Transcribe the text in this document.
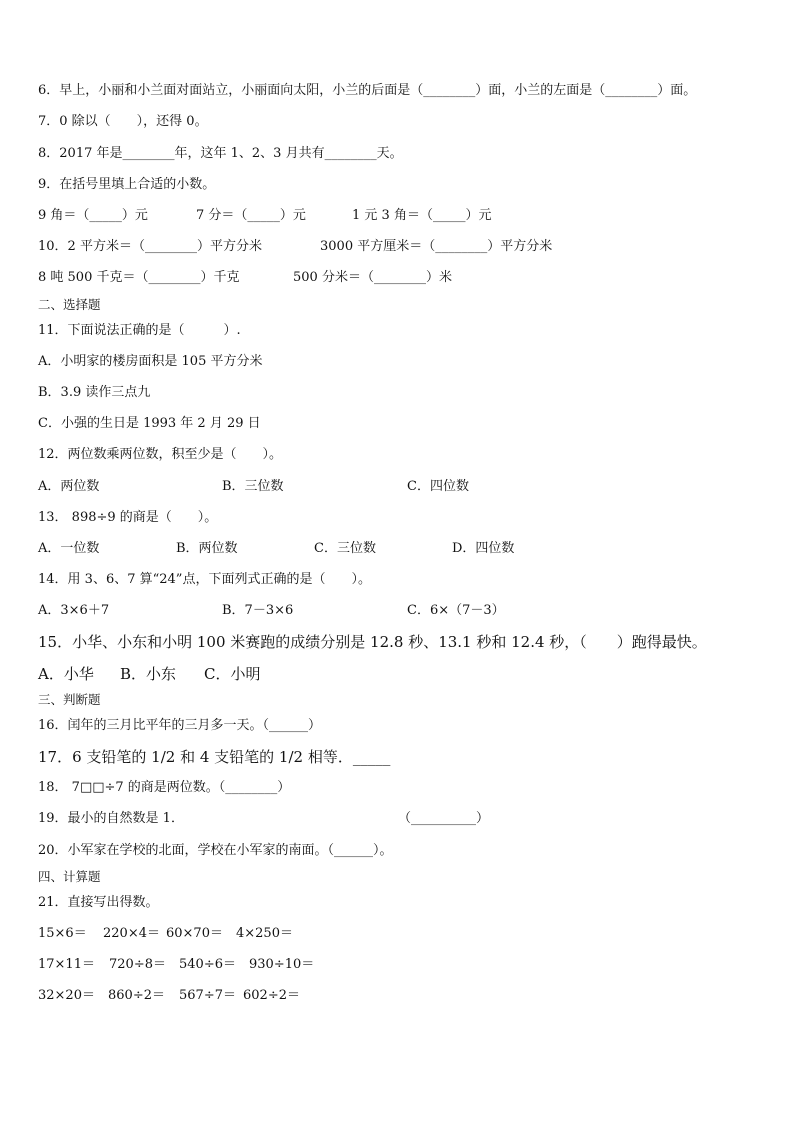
6．早上，小丽和小兰面对面站立，小丽面向太阳，小兰的后面是（________）面，小兰的左面是（________）面。
7．0 除以（　　），还得 0。
8．2017 年是________年，这年 1、2、3 月共有________天。
9．在括号里填上合适的小数。
9 角＝（_____）元	7 分＝（_____）元	1 元 3 角＝（_____）元
10．2 平方米＝（________）平方分米	3000 平方厘米＝（________）平方分米
8 吨 500 千克＝（________）千克	500 分米＝（________）米
二、选择题
11．下面说法正确的是（　　　）.
A．小明家的楼房面积是 105 平方分米
B．3.9 读作三点九
C．小强的生日是 1993 年 2 月 29 日
12．两位数乘两位数，积至少是（　　）。
A．两位数	B．三位数	C．四位数
13． 898÷9 的商是（　　）。
A．一位数	B．两位数	C．三位数	D．四位数
14．用 3、6、7 算“24”点，下面列式正确的是（　　）。
A．3×6＋7	B．7－3×6	C．6×（7－3）
15．小华、小东和小明 100 米赛跑的成绩分别是 12.8 秒、13.1 秒和 12.4 秒，（　　）跑得最快。
A．小华 B．小东 C．小明
三、判断题
16．闰年的三月比平年的三月多一天。（______）
17．6 支铅笔的 1/2 和 4 支铅笔的 1/2 相等．_____
18． 7□□÷7 的商是两位数。（________）
19．最小的自然数是 1．	（__________）
20．小军家在学校的北面，学校在小军家的南面。（______）。
四、计算题
21．直接写出得数。
15×6＝ 220×4＝ 60×70＝ 4×250＝
17×11＝ 720÷8＝ 540÷6＝ 930÷10＝
32×20＝ 860÷2＝ 567÷7＝ 602÷2＝
